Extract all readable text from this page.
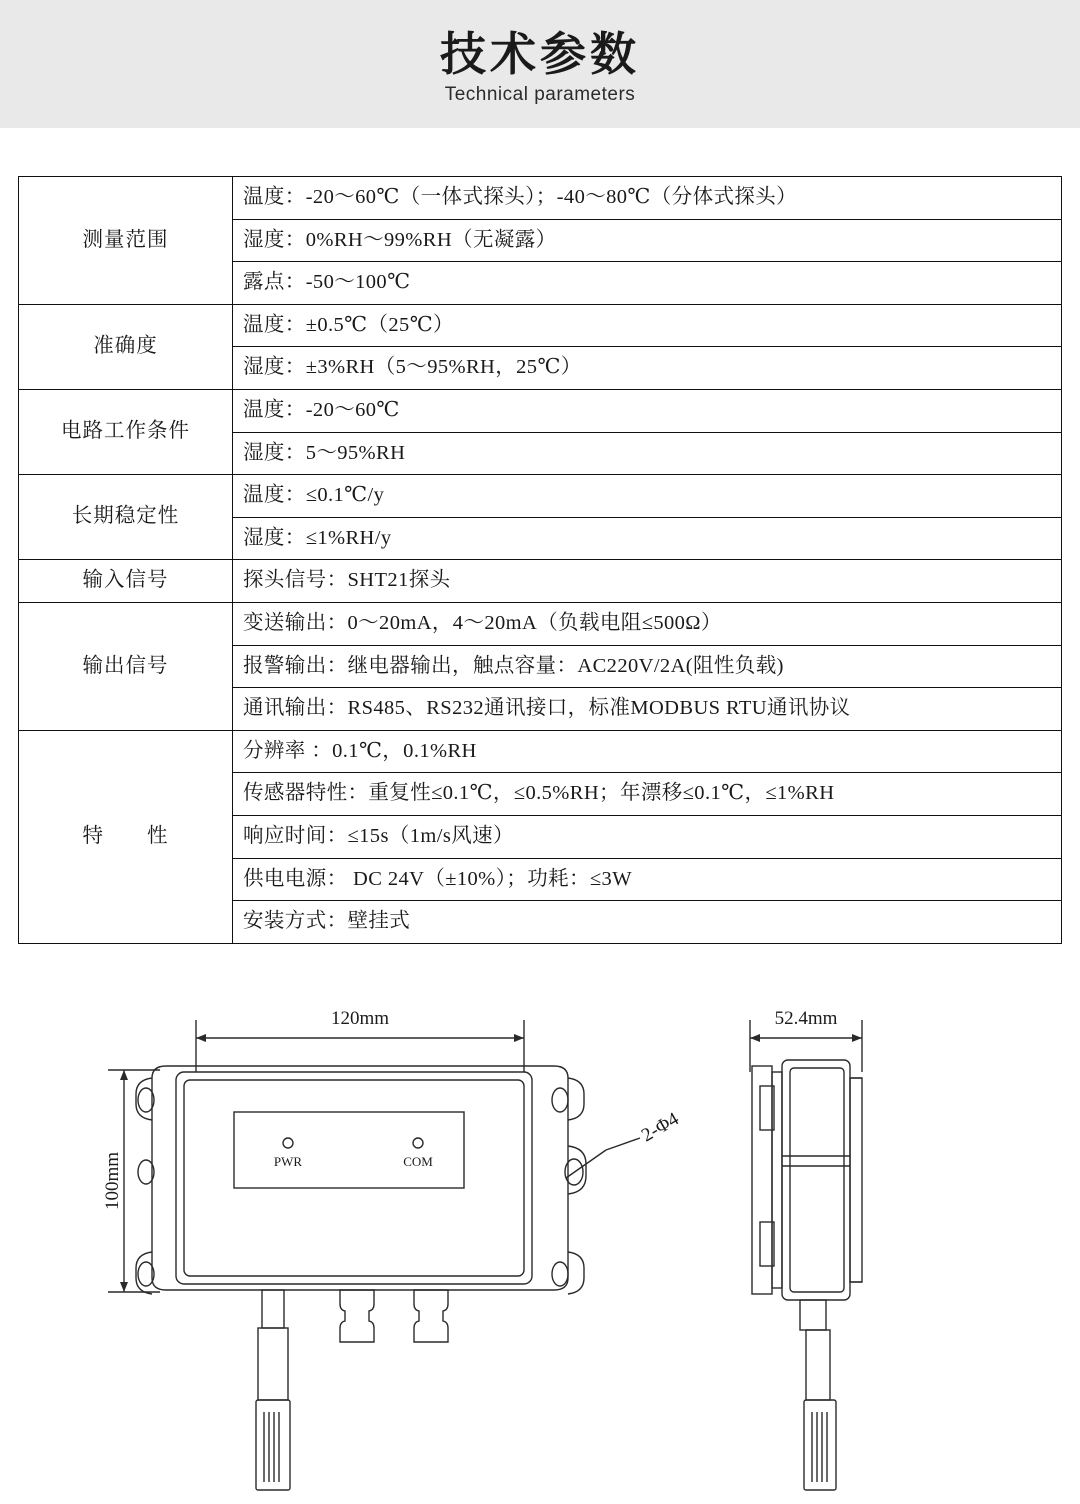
技术参数
Technical parameters
测量范围	温度：-20～60℃（一体式探头）；-40～80℃（分体式探头）
	湿度：0%RH～99%RH（无凝露）
	露点：-50～100℃
准确度	温度：±0.5℃（25℃）
	湿度：±3%RH（5～95%RH，25℃）
电路工作条件	温度：-20～60℃
	湿度：5～95%RH
长期稳定性	温度：≤0.1℃/y
	湿度：≤1%RH/y
输入信号	探头信号：SHT21探头
输出信号	变送输出：0～20mA，4～20mA（负载电阻≤500Ω）
	报警输出：继电器输出，触点容量：AC220V/2A(阻性负载)
	通讯输出：RS485、RS232通讯接口，标准MODBUS RTU通讯协议
特　　性	分辨率 ：0.1℃，0.1%RH
	传感器特性：重复性≤0.1℃，≤0.5%RH；年漂移≤0.1℃，≤1%RH
	响应时间：≤15s（1m/s风速）
	供电电源： DC 24V（±10%）；功耗：≤3W
	安装方式：壁挂式
120mm
100mm
52.4mm
2-Φ4
PWR	COM
